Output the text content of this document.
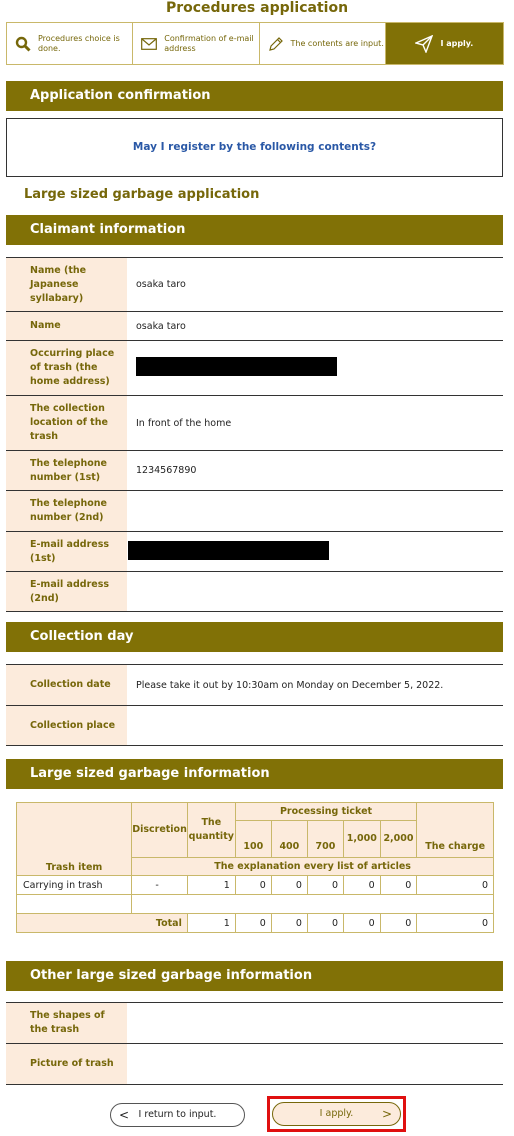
Procedures application
Procedures choice is done.
Confirmation of e-mail address
The contents are input.	I apply.
Application confirmation
May I register by the following contents?
Large sized garbage application
Claimant information
Name (the Japanese syllabary)	osaka taro
Name	osaka taro
Occurring place of trash (the home address)	
The collection location of the trash	In front of the home
The telephone number (1st)	1234567890
The telephone number (2nd)	
E-mail address (1st)	
E-mail address (2nd)	
Collection day
Collection date	Please take it out by 10:30am on Monday on December 5, 2022.
Collection place	
Large sized garbage information
Trash item	Discretion	The quantity	Processing ticket					The charge
			100	400	700	1,000	2,000	
	The explanation every list of articles							
Carrying in trash	-	1	0	0	0	0	0	0

Total		1	0	0	0	0	0	0
Other large sized garbage information
The shapes of the trash	
Picture of trash	
< I return to input.	I apply. >
